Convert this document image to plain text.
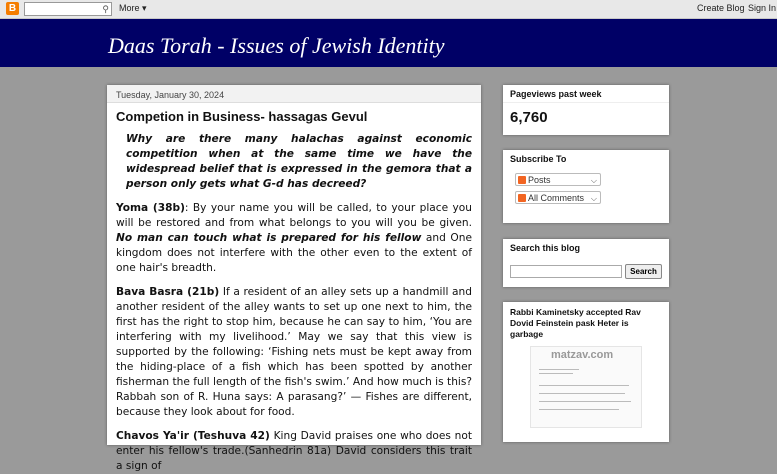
B	⚲ More ▾	Create Blog Sign In
Daas Torah - Issues of Jewish Identity
Tuesday, January 30, 2024
Competion in Business- hassagas Gevul

Why are there many halachas against economic competition when at the same time we have the widespread belief that is expressed in the gemora that a person only gets what G-d has decreed?

Yoma (38b): By your name you will be called, to your place you will be restored and from what belongs to you will you be given. No man can touch what is prepared for his fellow and One kingdom does not interfere with the other even to the extent of one hair's breadth.

Bava Basra (21b) If a resident of an alley sets up a handmill and another resident of the alley wants to set up one next to him, the first has the right to stop him, because he can say to him, ‘You are interfering with my livelihood.’ May we say that this view is supported by the following: ‘Fishing nets must be kept away from the hiding-place of a fish which has been spotted by another fisherman the full length of the fish's swim.’ And how much is this? Rabbah son of R. Huna says: A parasang?’ — Fishes are different, because they look about for food.

Chavos Ya'ir (Teshuva 42) King David praises one who does not enter his fellow's trade.(Sanhedrin 81a) David considers this trait a sign of

Pageviews past week
6,760
Subscribe To
Posts	⌵
All Comments ⌵
Search this blog
Search
Rabbi Kaminetsky accepted Rav Dovid Feinstein pask Heter is garbage
matzav.com
